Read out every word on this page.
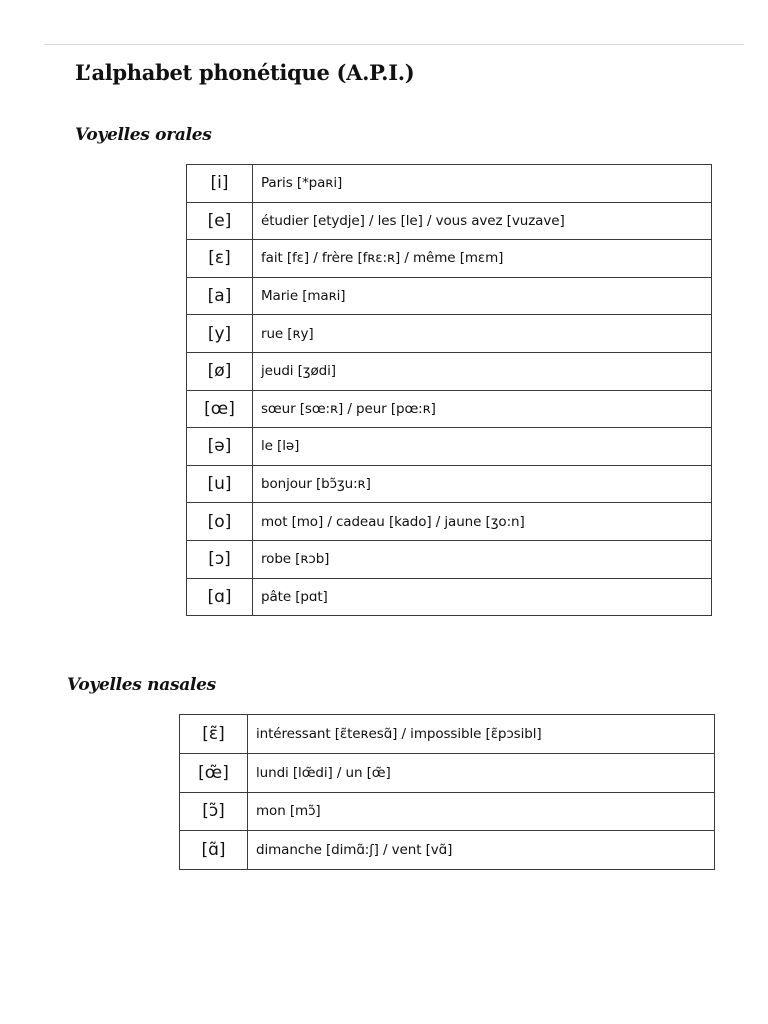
L’alphabet phonétique (A.P.I.)
Voyelles orales
[i]	Paris [*paʀi]
[e]	étudier [etydje] / les [le] / vous avez [vuzave]
[ɛ]	fait [fɛ] / frère [fʀɛ:ʀ] / même [mɛm]
[a]	Marie [maʀi]
[y]	rue [ʀy]
[ø]	jeudi [ʒødi]
[œ]	sœur [sœ:ʀ] / peur [pœ:ʀ]
[ə]	le [lə]
[u]	bonjour [bɔ̃ʒu:ʀ]
[o]	mot [mo] / cadeau [kado] / jaune [ʒo:n]
[ɔ]	robe [ʀɔb]
[ɑ]	pâte [pɑt]
Voyelles nasales
[ɛ̃]	intéressant [ɛ̃teʀesɑ̃] / impossible [ɛ̃pɔsibl]
[œ̃]	lundi [lœ̃di] / un [œ̃]
[ɔ̃]	mon [mɔ̃]
[ɑ̃]	dimanche [dimɑ̃:ʃ] / vent [vɑ̃]
